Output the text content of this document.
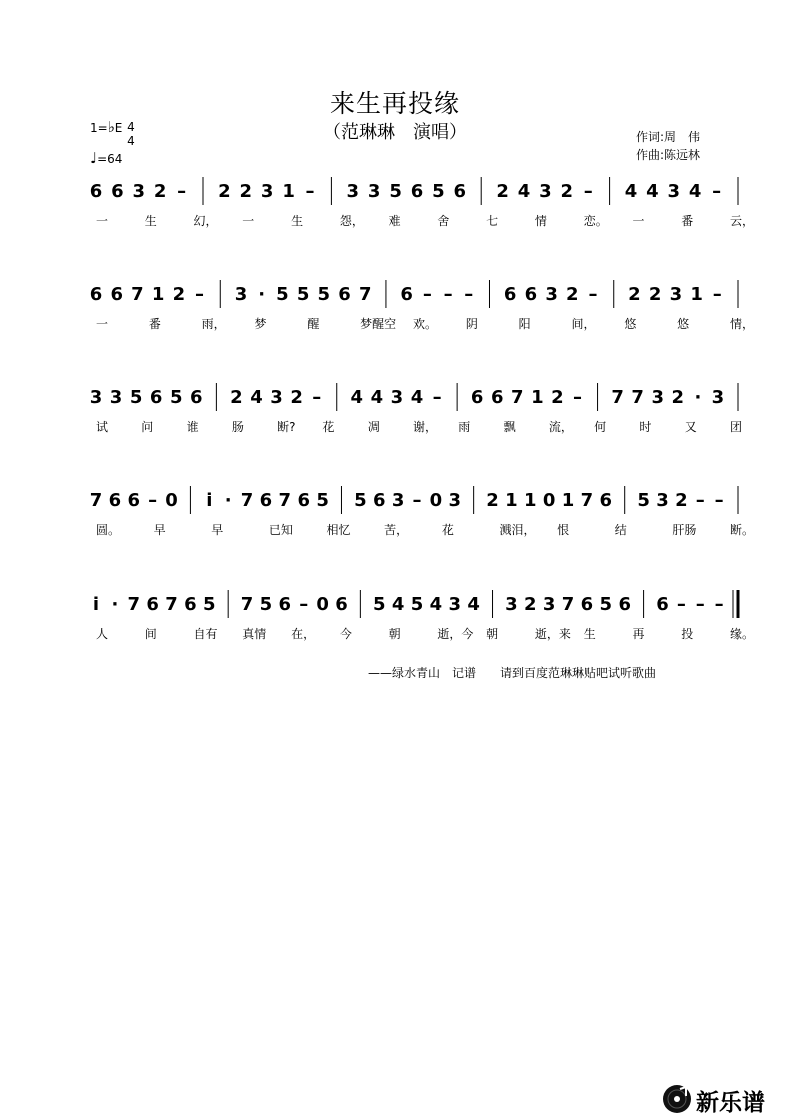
来生再投缘
（范琳琳　演唱）	作词:周　伟
作曲:陈远林
1=♭E 4
4
♩=64
6 6 3 2 – 2 2 3 1 – 3 3 5 6 5 6 2 4 3 2 – 4 4 3 4 –
一	生	幻， 一	生	怨， 难	舍	七	情	恋。 一	番	云，
6 6 7 1 2 – 3 · 5 5 5 6 7 6 – – – 6 6 3 2 – 2 2 3 1 –
一	番	雨， 梦	醒	梦醒空 欢。 阴	阳	间， 悠	悠	情，
3 3 5 6 5 6 2 4 3 2 – 4 4 3 4 – 6 6 7 1 2 – 7 7 3 2 · 3
试	问	谁	肠	断? 花	凋	谢， 雨	飘	流， 何	时	又	团
7 6 6 – 0 i · 7 6 7 6 5 5 6 3 – 0 3 2 1 1 0 1 7 6 5 3 2 – –
圆。	早	早	已知	相忆	苦，	花	溅泪， 恨	结	肝肠	断。
i · 7 6 7 6 5 7 5 6 – 0 6 5 4 5 4 3 4 3 2 3 7 6 5 6 6 – – –
人	间	自有 真情 在， 今	朝	逝，今 朝	逝，来 生	再	投	缘。
——绿水青山　记谱　　请到百度范琳琳贴吧试听歌曲
新乐谱
